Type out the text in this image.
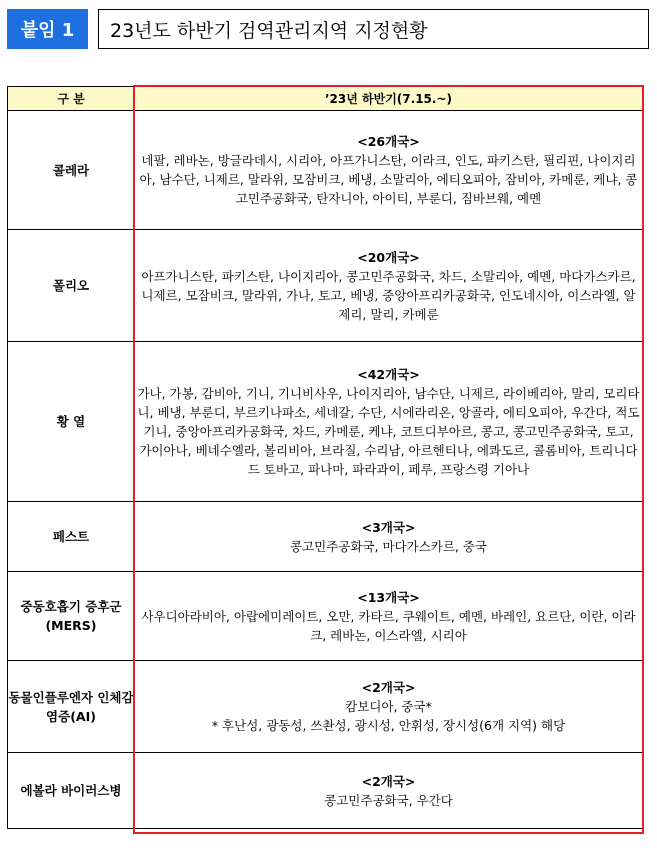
붙임 1	23년도 하반기 검역관리지역 지정현황
구 분	’23년 하반기(7.15.~)
콜레라	<26개국>
네팔, 레바논, 방글라데시, 시리아, 아프가니스탄, 이라크, 인도, 파키스탄, 필리핀, 나이지리아, 남수단, 니제르, 말라위, 모잠비크, 베냉, 소말리아, 에티오피아, 잠비아, 카메룬, 케냐, 콩고민주공화국, 탄자니아, 아이티, 부룬디, 짐바브웨, 예멘
폴리오	<20개국>
아프가니스탄, 파키스탄, 나이지리아, 콩고민주공화국, 차드, 소말리아, 예멘, 마다가스카르, 니제르, 모잠비크, 말라위, 가나, 토고, 베냉, 중앙아프리카공화국, 인도네시아, 이스라엘, 알제리, 말리, 카메룬
황 열	<42개국>
가나, 가봉, 감비아, 기니, 기니비사우, 나이지리아, 남수단, 니제르, 라이베리아, 말리, 모리타니, 베냉, 부룬디, 부르키나파소, 세네갈, 수단, 시에라리온, 앙골라, 에티오피아, 우간다, 적도기니, 중앙아프리카공화국, 차드, 카메룬, 케냐, 코트디부아르, 콩고, 콩고민주공화국, 토고, 가이아나, 베네수엘라, 볼리비아, 브라질, 수리남, 아르헨티나, 에콰도르, 콜롬비아, 트리니다드 토바고, 파나마, 파라과이, 페루, 프랑스령 기아나
페스트	<3개국>
콩고민주공화국, 마다가스카르, 중국
중동호흡기 증후군 (MERS)	<13개국>
사우디아라비아, 아랍에미레이트, 오만, 카타르, 쿠웨이트, 예멘, 바레인, 요르단, 이란, 이라크, 레바논, 이스라엘, 시리아
동물인플루엔자 인체감염증(AI)	<2개국>
캄보디아, 중국*
* 후난성, 광동성, 쓰촨성, 광시성, 안휘성, 장시성(6개 지역) 해당

에볼라 바이러스병	<2개국>
콩고민주공화국, 우간다
